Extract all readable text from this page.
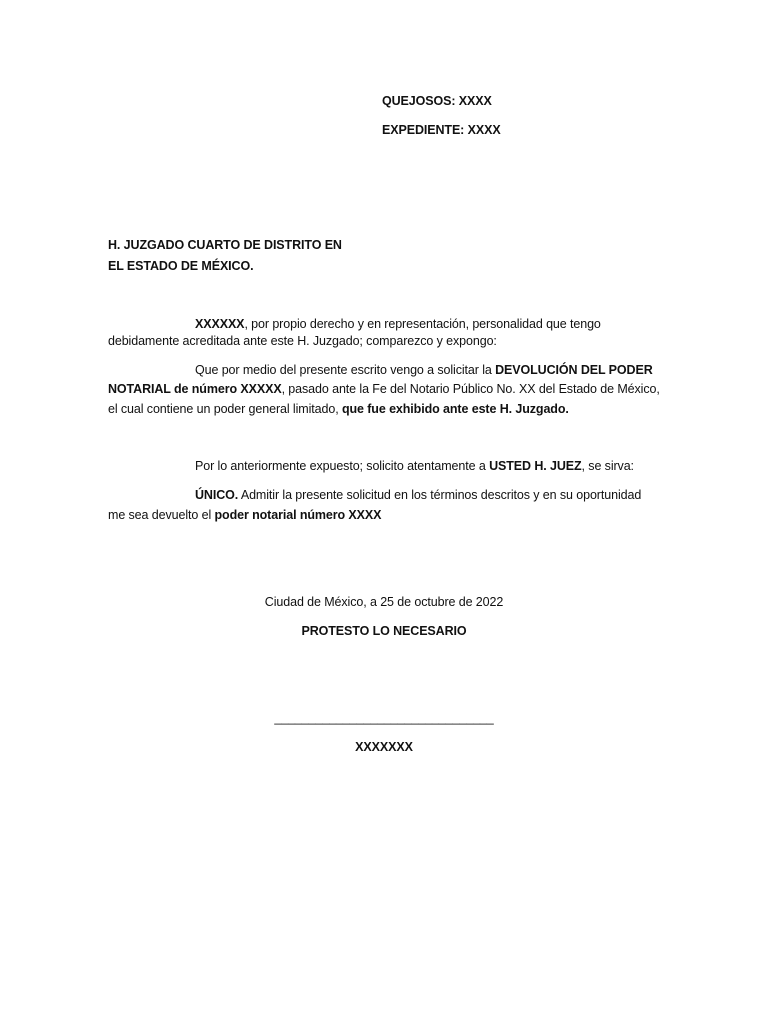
QUEJOSOS: XXXX
EXPEDIENTE: XXXX
H. JUZGADO CUARTO DE DISTRITO EN
EL ESTADO DE MÉXICO.
XXXXXX, por propio derecho y en representación, personalidad que tengo
debidamente acreditada ante este H. Juzgado; comparezco y expongo:
Que por medio del presente escrito vengo a solicitar la DEVOLUCIÓN DEL PODER
NOTARIAL de número XXXXX, pasado ante la Fe del Notario Público No. XX del Estado de México,
el cual contiene un poder general limitado, que fue exhibido ante este H. Juzgado.
Por lo anteriormente expuesto; solicito atentamente a USTED H. JUEZ, se sirva:
ÚNICO. Admitir la presente solicitud en los términos descritos y en su oportunidad
me sea devuelto el poder notarial número XXXX
Ciudad de México, a 25 de octubre de 2022
PROTESTO LO NECESARIO
________________________________
XXXXXXX
